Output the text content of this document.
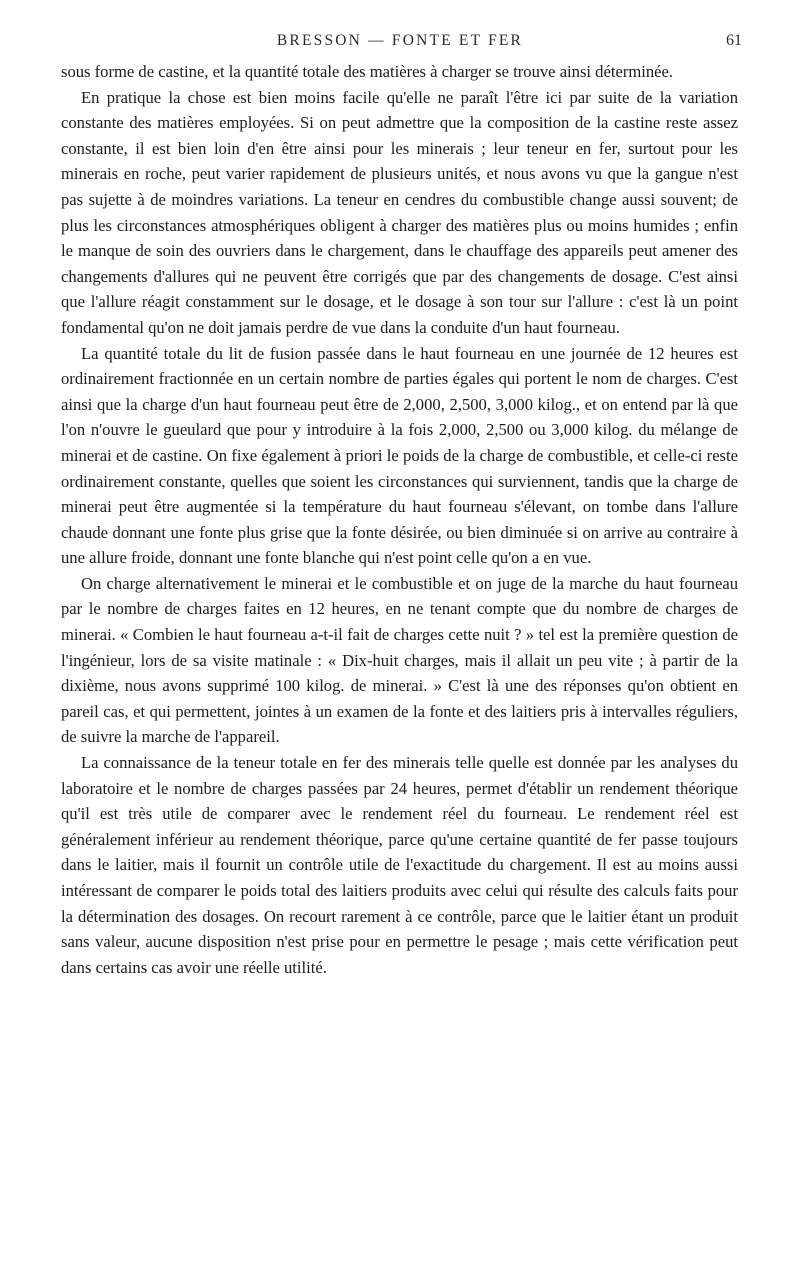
BRESSON — FONTE ET FER	61

sous forme de castine, et la quantité totale des matières à charger se trouve ainsi déterminée.

En pratique la chose est bien moins facile qu'elle ne paraît l'être ici par suite de la variation constante des matières employées. Si on peut admettre que la composition de la castine reste assez constante, il est bien loin d'en être ainsi pour les minerais ; leur teneur en fer, surtout pour les minerais en roche, peut varier rapidement de plusieurs unités, et nous avons vu que la gangue n'est pas sujette à de moindres variations. La teneur en cendres du combustible change aussi souvent; de plus les circonstances atmosphériques obligent à charger des matières plus ou moins humides ; enfin le manque de soin des ouvriers dans le chargement, dans le chauffage des appareils peut amener des changements d'allures qui ne peuvent être corrigés que par des changements de dosage. C'est ainsi que l'allure réagit constamment sur le dosage, et le dosage à son tour sur l'allure : c'est là un point fondamental qu'on ne doit jamais perdre de vue dans la conduite d'un haut fourneau.

La quantité totale du lit de fusion passée dans le haut fourneau en une journée de 12 heures est ordinairement fractionnée en un certain nombre de parties égales qui portent le nom de charges. C'est ainsi que la charge d'un haut fourneau peut être de 2,000, 2,500, 3,000 kilog., et on entend par là que l'on n'ouvre le gueulard que pour y introduire à la fois 2,000, 2,500 ou 3,000 kilog. du mélange de minerai et de castine. On fixe également à priori le poids de la charge de combustible, et celle-ci reste ordinairement constante, quelles que soient les circonstances qui surviennent, tandis que la charge de minerai peut être augmentée si la température du haut fourneau s'élevant, on tombe dans l'allure chaude donnant une fonte plus grise que la fonte désirée, ou bien diminuée si on arrive au contraire à une allure froide, donnant une fonte blanche qui n'est point celle qu'on a en vue.

On charge alternativement le minerai et le combustible et on juge de la marche du haut fourneau par le nombre de charges faites en 12 heures, en ne tenant compte que du nombre de charges de minerai. « Combien le haut fourneau a-t-il fait de charges cette nuit ? » tel est la première question de l'ingénieur, lors de sa visite matinale : « Dix-huit charges, mais il allait un peu vite ; à partir de la dixième, nous avons supprimé 100 kilog. de minerai. » C'est là une des réponses qu'on obtient en pareil cas, et qui permettent, jointes à un examen de la fonte et des laitiers pris à intervalles réguliers, de suivre la marche de l'appareil.

La connaissance de la teneur totale en fer des minerais telle quelle est donnée par les analyses du laboratoire et le nombre de charges passées par 24 heures, permet d'établir un rendement théorique qu'il est très utile de comparer avec le rendement réel du fourneau. Le rendement réel est généralement inférieur au rendement théorique, parce qu'une certaine quantité de fer passe toujours dans le laitier, mais il fournit un contrôle utile de l'exactitude du chargement. Il est au moins aussi intéressant de comparer le poids total des laitiers produits avec celui qui résulte des calculs faits pour la détermination des dosages. On recourt rarement à ce contrôle, parce que le laitier étant un produit sans valeur, aucune disposition n'est prise pour en permettre le pesage ; mais cette vérification peut dans certains cas avoir une réelle utilité.
